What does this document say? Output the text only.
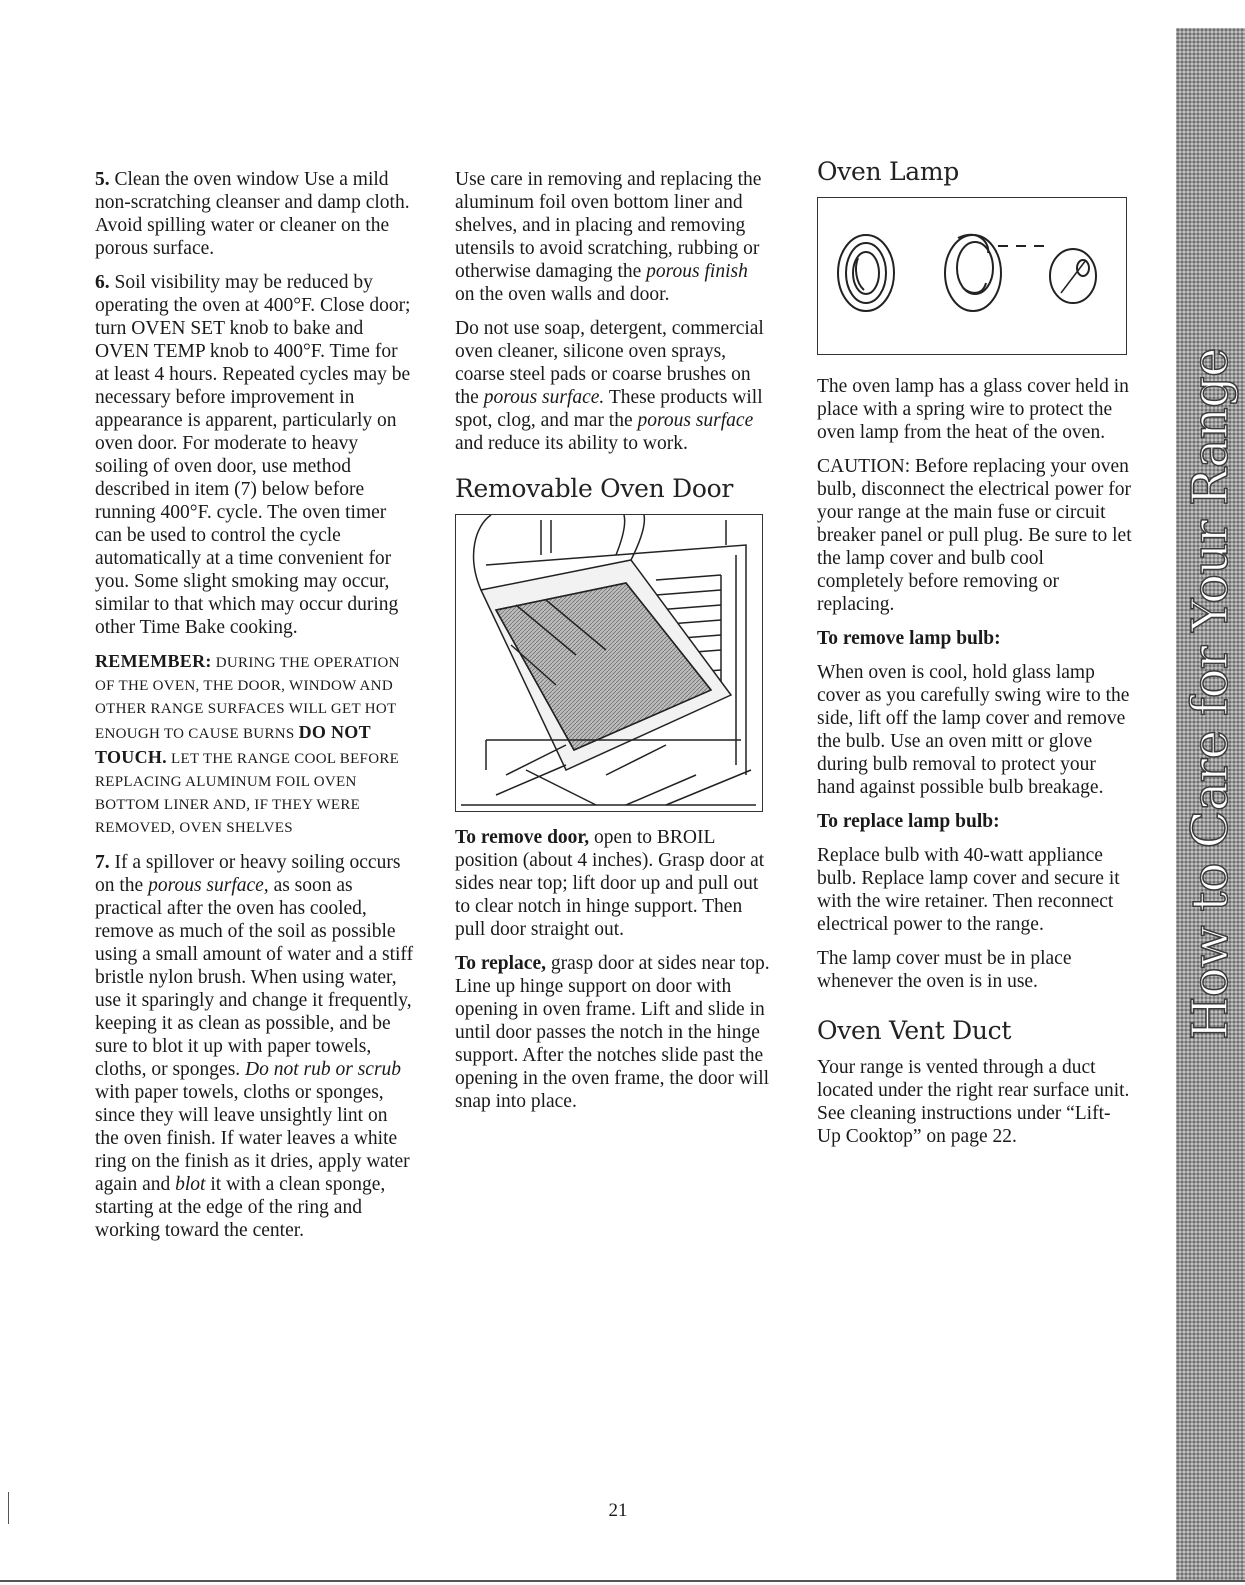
5. Clean the oven window Use a mild non-scratching cleanser and damp cloth. Avoid spilling water or cleaner on the porous surface.

6. Soil visibility may be reduced by operating the oven at 400°F. Close door; turn OVEN SET knob to bake and OVEN TEMP knob to 400°F. Time for at least 4 hours. Repeated cycles may be necessary before improvement in appearance is apparent, particularly on oven door. For moderate to heavy soiling of oven door, use method described in item (7) below before running 400°F. cycle. The oven timer can be used to control the cycle automatically at a time convenient for you. Some slight smoking may occur, similar to that which may occur during other Time Bake cooking.

REMEMBER: DURING THE OPERATION OF THE OVEN, THE DOOR, WINDOW AND OTHER RANGE SURFACES WILL GET HOT ENOUGH TO CAUSE BURNS DO NOT TOUCH. LET THE RANGE COOL BEFORE REPLACING ALUMINUM FOIL OVEN BOTTOM LINER AND, IF THEY WERE REMOVED, OVEN SHELVES

7. If a spillover or heavy soiling occurs on the porous surface, as soon as practical after the oven has cooled, remove as much of the soil as possible using a small amount of water and a stiff bristle nylon brush. When using water, use it sparingly and change it frequently, keeping it as clean as possible, and be sure to blot it up with paper towels, cloths, or sponges. Do not rub or scrub with paper towels, cloths or sponges, since they will leave unsightly lint on the oven finish. If water leaves a white ring on the finish as it dries, apply water again and blot it with a clean sponge, starting at the edge of the ring and working toward the center.

Use care in removing and replacing the aluminum foil oven bottom liner and shelves, and in placing and removing utensils to avoid scratching, rubbing or otherwise damaging the porous finish on the oven walls and door.

Do not use soap, detergent, commercial oven cleaner, silicone oven sprays, coarse steel pads or coarse brushes on the porous surface. These products will spot, clog, and mar the porous surface and reduce its ability to work.

Removable Oven Door

To remove door, open to BROIL position (about 4 inches). Grasp door at sides near top; lift door up and pull out to clear notch in hinge support. Then pull door straight out.

To replace, grasp door at sides near top. Line up hinge support on door with opening in oven frame. Lift and slide in until door passes the notch in the hinge support. After the notches slide past the opening in the oven frame, the door will snap into place.

Oven Lamp

The oven lamp has a glass cover held in place with a spring wire to protect the oven lamp from the heat of the oven.

CAUTION: Before replacing your oven bulb, disconnect the electrical power for your range at the main fuse or circuit breaker panel or pull plug. Be sure to let the lamp cover and bulb cool completely before removing or replacing.

To remove lamp bulb:

When oven is cool, hold glass lamp cover as you carefully swing wire to the side, lift off the lamp cover and remove the bulb. Use an oven mitt or glove during bulb removal to protect your hand against possible bulb breakage.

To replace lamp bulb:

Replace bulb with 40-watt appliance bulb. Replace lamp cover and secure it with the wire retainer. Then reconnect electrical power to the range.

The lamp cover must be in place whenever the oven is in use.

Oven Vent Duct

Your range is vented through a duct located under the right rear surface unit. See cleaning instructions under “Lift-Up Cooktop” on page 22.

How to Care for Your Range
21
